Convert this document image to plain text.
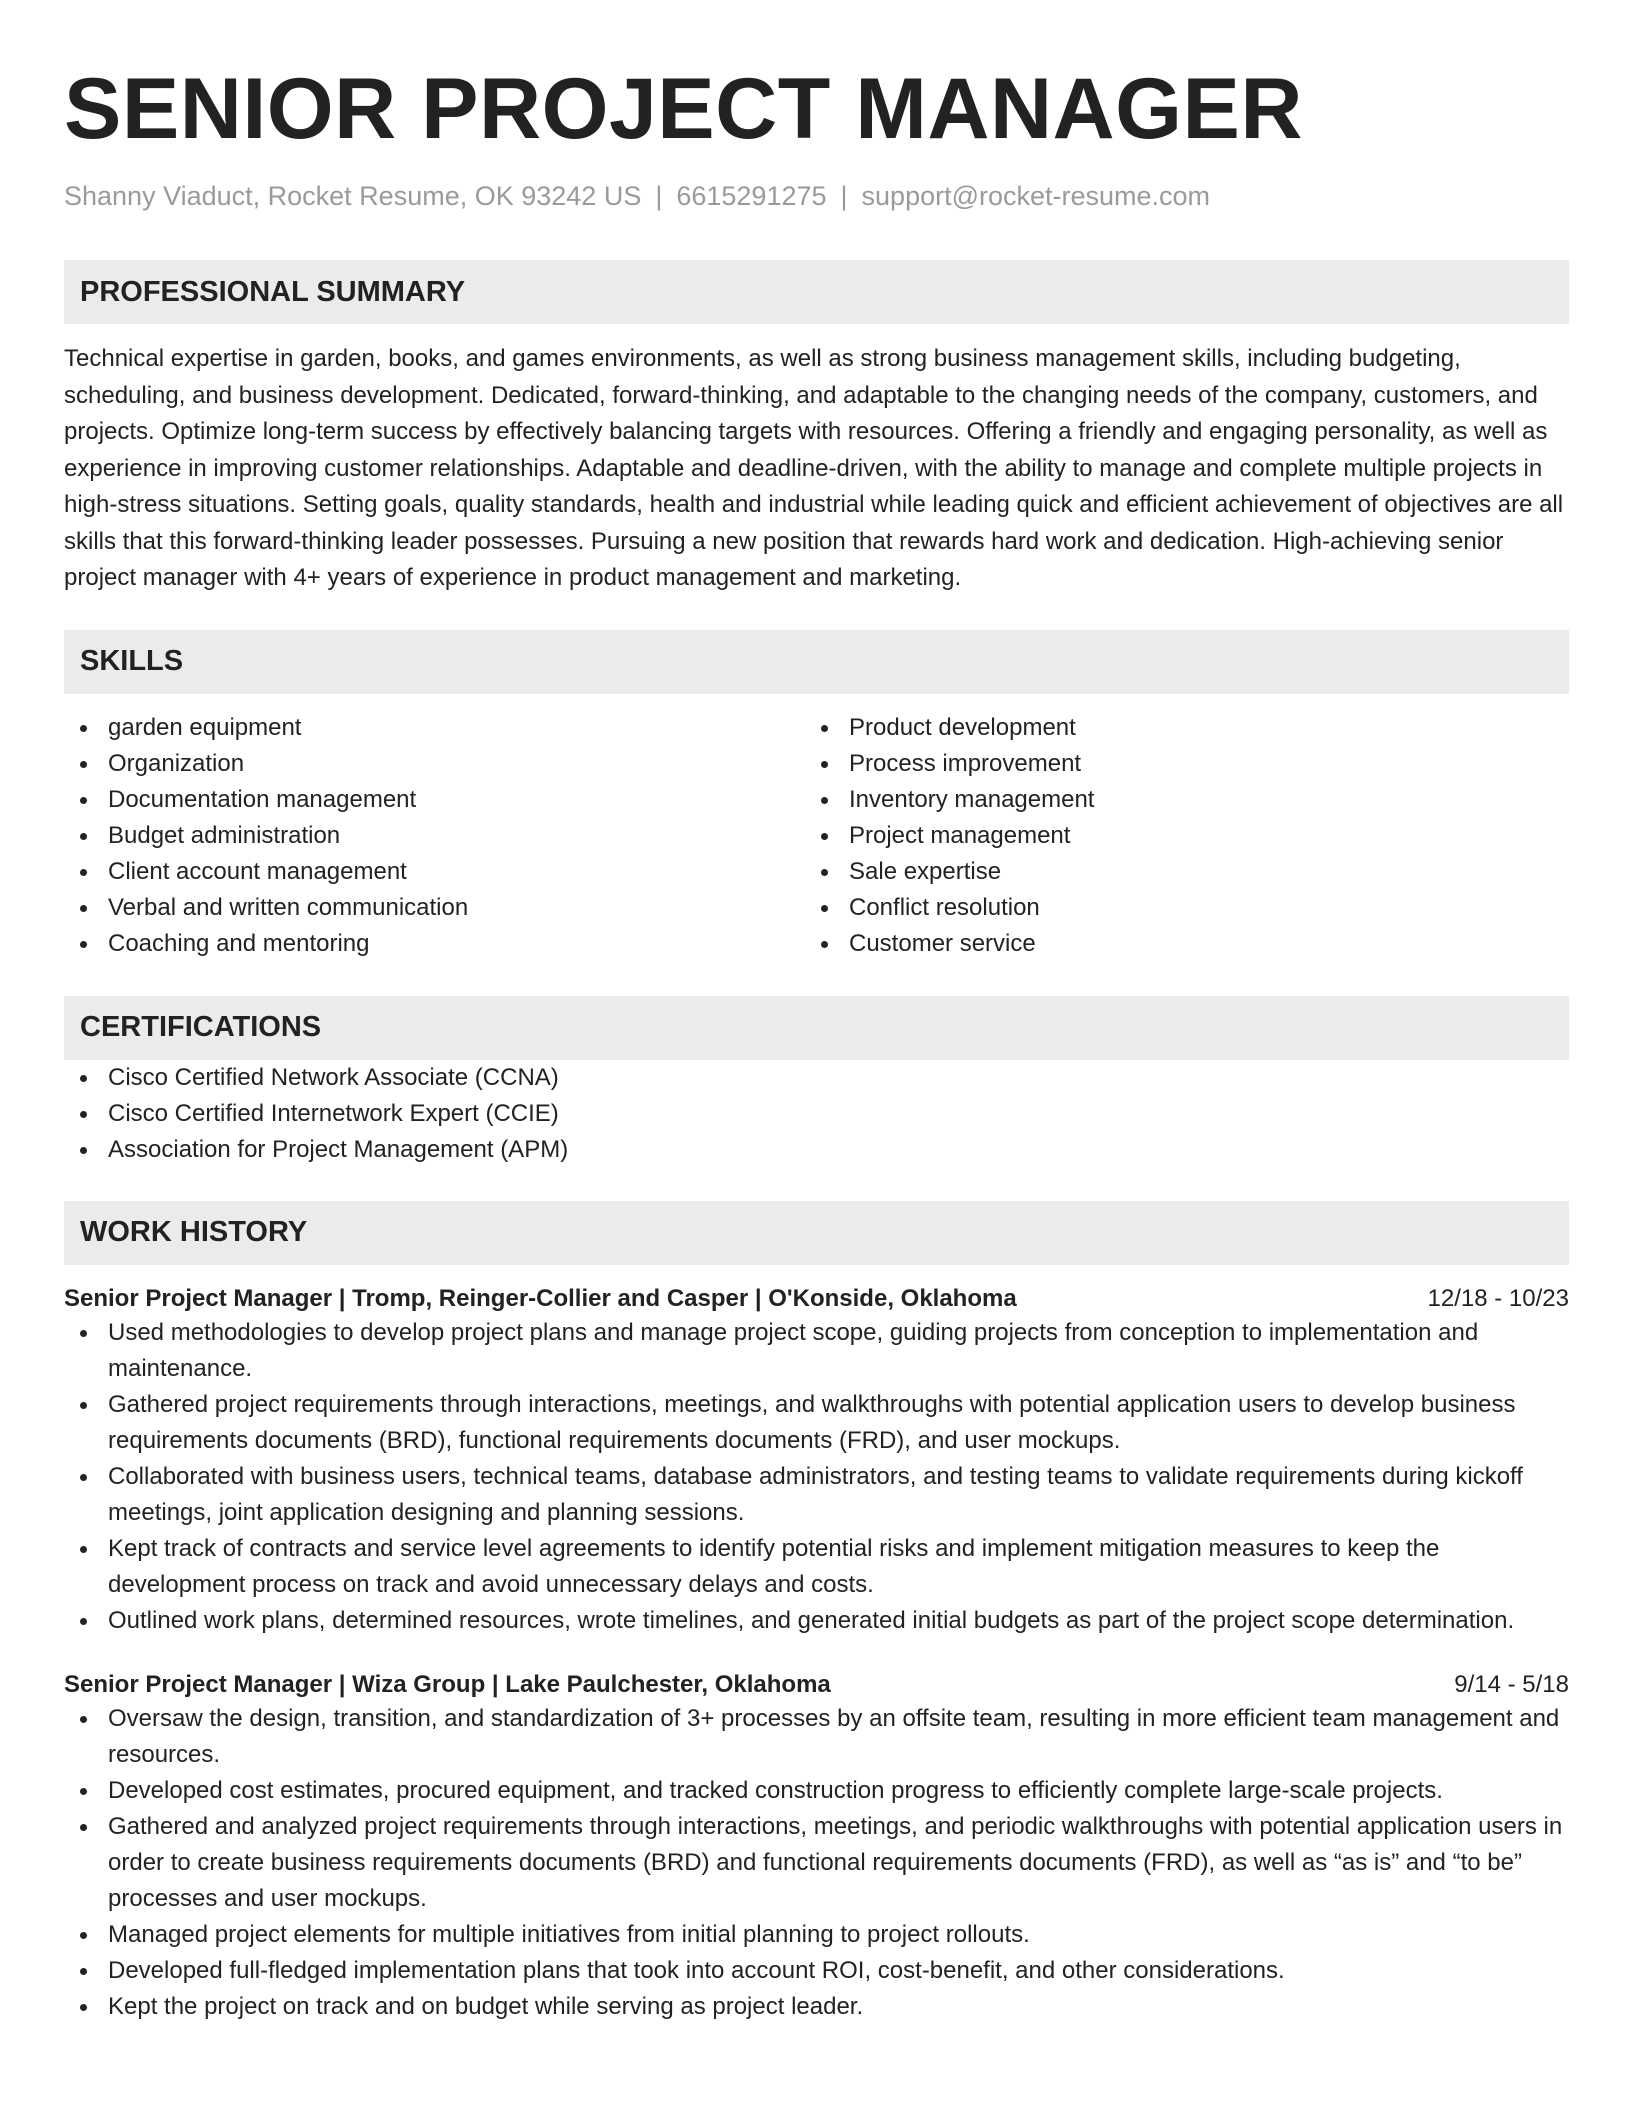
SENIOR PROJECT MANAGER
Shanny Viaduct, Rocket Resume, OK 93242 US | 6615291275 | support@rocket-resume.com
PROFESSIONAL SUMMARY
Technical expertise in garden, books, and games environments, as well as strong business management skills, including budgeting, scheduling, and business development. Dedicated, forward-thinking, and adaptable to the changing needs of the company, customers, and projects. Optimize long-term success by effectively balancing targets with resources. Offering a friendly and engaging personality, as well as experience in improving customer relationships. Adaptable and deadline-driven, with the ability to manage and complete multiple projects in high-stress situations. Setting goals, quality standards, health and industrial while leading quick and efficient achievement of objectives are all skills that this forward-thinking leader possesses. Pursuing a new position that rewards hard work and dedication. High-achieving senior project manager with 4+ years of experience in product management and marketing.
SKILLS
garden equipment
Organization
Documentation management
Budget administration
Client account management
Verbal and written communication
Coaching and mentoring
Product development
Process improvement
Inventory management
Project management
Sale expertise
Conflict resolution
Customer service
CERTIFICATIONS
Cisco Certified Network Associate (CCNA)
Cisco Certified Internetwork Expert (CCIE)
Association for Project Management (APM)
WORK HISTORY
Senior Project Manager | Tromp, Reinger-Collier and Casper | O'Konside, Oklahoma	12/18 - 10/23
Used methodologies to develop project plans and manage project scope, guiding projects from conception to implementation and maintenance.
Gathered project requirements through interactions, meetings, and walkthroughs with potential application users to develop business requirements documents (BRD), functional requirements documents (FRD), and user mockups.
Collaborated with business users, technical teams, database administrators, and testing teams to validate requirements during kickoff meetings, joint application designing and planning sessions.
Kept track of contracts and service level agreements to identify potential risks and implement mitigation measures to keep the development process on track and avoid unnecessary delays and costs.
Outlined work plans, determined resources, wrote timelines, and generated initial budgets as part of the project scope determination.
Senior Project Manager | Wiza Group | Lake Paulchester, Oklahoma	9/14 - 5/18
Oversaw the design, transition, and standardization of 3+ processes by an offsite team, resulting in more efficient team management and resources.
Developed cost estimates, procured equipment, and tracked construction progress to efficiently complete large-scale projects.
Gathered and analyzed project requirements through interactions, meetings, and periodic walkthroughs with potential application users in order to create business requirements documents (BRD) and functional requirements documents (FRD), as well as “as is” and “to be” processes and user mockups.
Managed project elements for multiple initiatives from initial planning to project rollouts.
Developed full-fledged implementation plans that took into account ROI, cost-benefit, and other considerations.
Kept the project on track and on budget while serving as project leader.
